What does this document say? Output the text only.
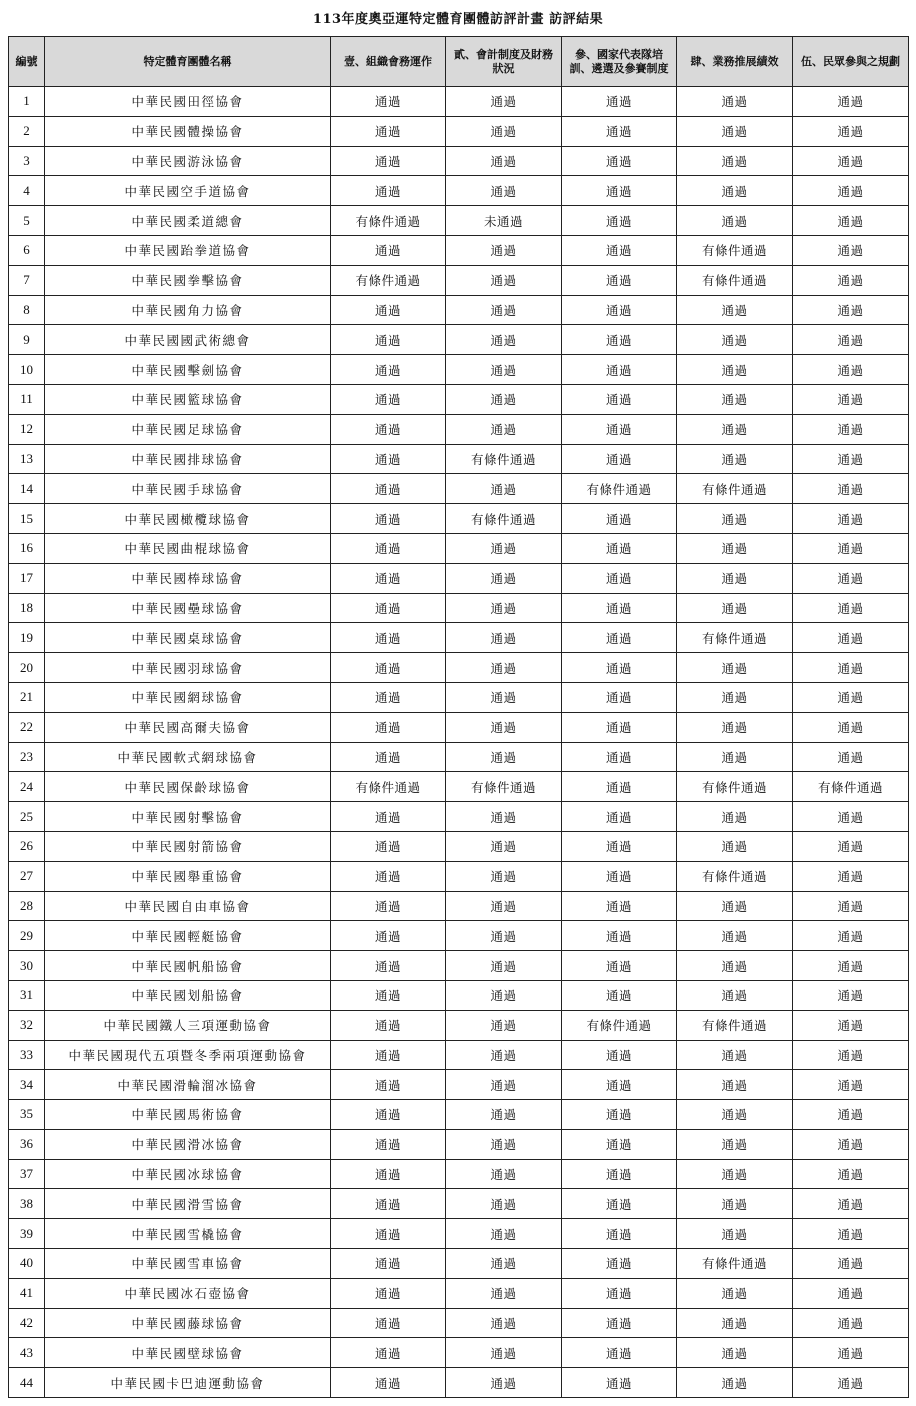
113年度奧亞運特定體育團體訪評計畫 訪評結果
編號	特定體育團體名稱	壹、組織會務運作	貳、會計制度及財務狀況	參、國家代表隊培訓、遴選及參賽制度	肆、業務推展績效	伍、民眾參與之規劃
1	中華民國田徑協會	通過	通過	通過	通過	通過
2	中華民國體操協會	通過	通過	通過	通過	通過
3	中華民國游泳協會	通過	通過	通過	通過	通過
4	中華民國空手道協會	通過	通過	通過	通過	通過
5	中華民國柔道總會	有條件通過	未通過	通過	通過	通過
6	中華民國跆拳道協會	通過	通過	通過	有條件通過	通過
7	中華民國拳擊協會	有條件通過	通過	通過	有條件通過	通過
8	中華民國角力協會	通過	通過	通過	通過	通過
9	中華民國國武術總會	通過	通過	通過	通過	通過
10	中華民國擊劍協會	通過	通過	通過	通過	通過
11	中華民國籃球協會	通過	通過	通過	通過	通過
12	中華民國足球協會	通過	通過	通過	通過	通過
13	中華民國排球協會	通過	有條件通過	通過	通過	通過
14	中華民國手球協會	通過	通過	有條件通過	有條件通過	通過
15	中華民國橄欖球協會	通過	有條件通過	通過	通過	通過
16	中華民國曲棍球協會	通過	通過	通過	通過	通過
17	中華民國棒球協會	通過	通過	通過	通過	通過
18	中華民國壘球協會	通過	通過	通過	通過	通過
19	中華民國桌球協會	通過	通過	通過	有條件通過	通過
20	中華民國羽球協會	通過	通過	通過	通過	通過
21	中華民國網球協會	通過	通過	通過	通過	通過
22	中華民國高爾夫協會	通過	通過	通過	通過	通過
23	中華民國軟式網球協會	通過	通過	通過	通過	通過
24	中華民國保齡球協會	有條件通過	有條件通過	通過	有條件通過	有條件通過
25	中華民國射擊協會	通過	通過	通過	通過	通過
26	中華民國射箭協會	通過	通過	通過	通過	通過
27	中華民國舉重協會	通過	通過	通過	有條件通過	通過
28	中華民國自由車協會	通過	通過	通過	通過	通過
29	中華民國輕艇協會	通過	通過	通過	通過	通過
30	中華民國帆船協會	通過	通過	通過	通過	通過
31	中華民國划船協會	通過	通過	通過	通過	通過
32	中華民國鐵人三項運動協會	通過	通過	有條件通過	有條件通過	通過
33	中華民國現代五項暨冬季兩項運動協會	通過	通過	通過	通過	通過
34	中華民國滑輪溜冰協會	通過	通過	通過	通過	通過
35	中華民國馬術協會	通過	通過	通過	通過	通過
36	中華民國滑冰協會	通過	通過	通過	通過	通過
37	中華民國冰球協會	通過	通過	通過	通過	通過
38	中華民國滑雪協會	通過	通過	通過	通過	通過
39	中華民國雪橇協會	通過	通過	通過	通過	通過
40	中華民國雪車協會	通過	通過	通過	有條件通過	通過
41	中華民國冰石壺協會	通過	通過	通過	通過	通過
42	中華民國藤球協會	通過	通過	通過	通過	通過
43	中華民國壁球協會	通過	通過	通過	通過	通過
44	中華民國卡巴迪運動協會	通過	通過	通過	通過	通過
